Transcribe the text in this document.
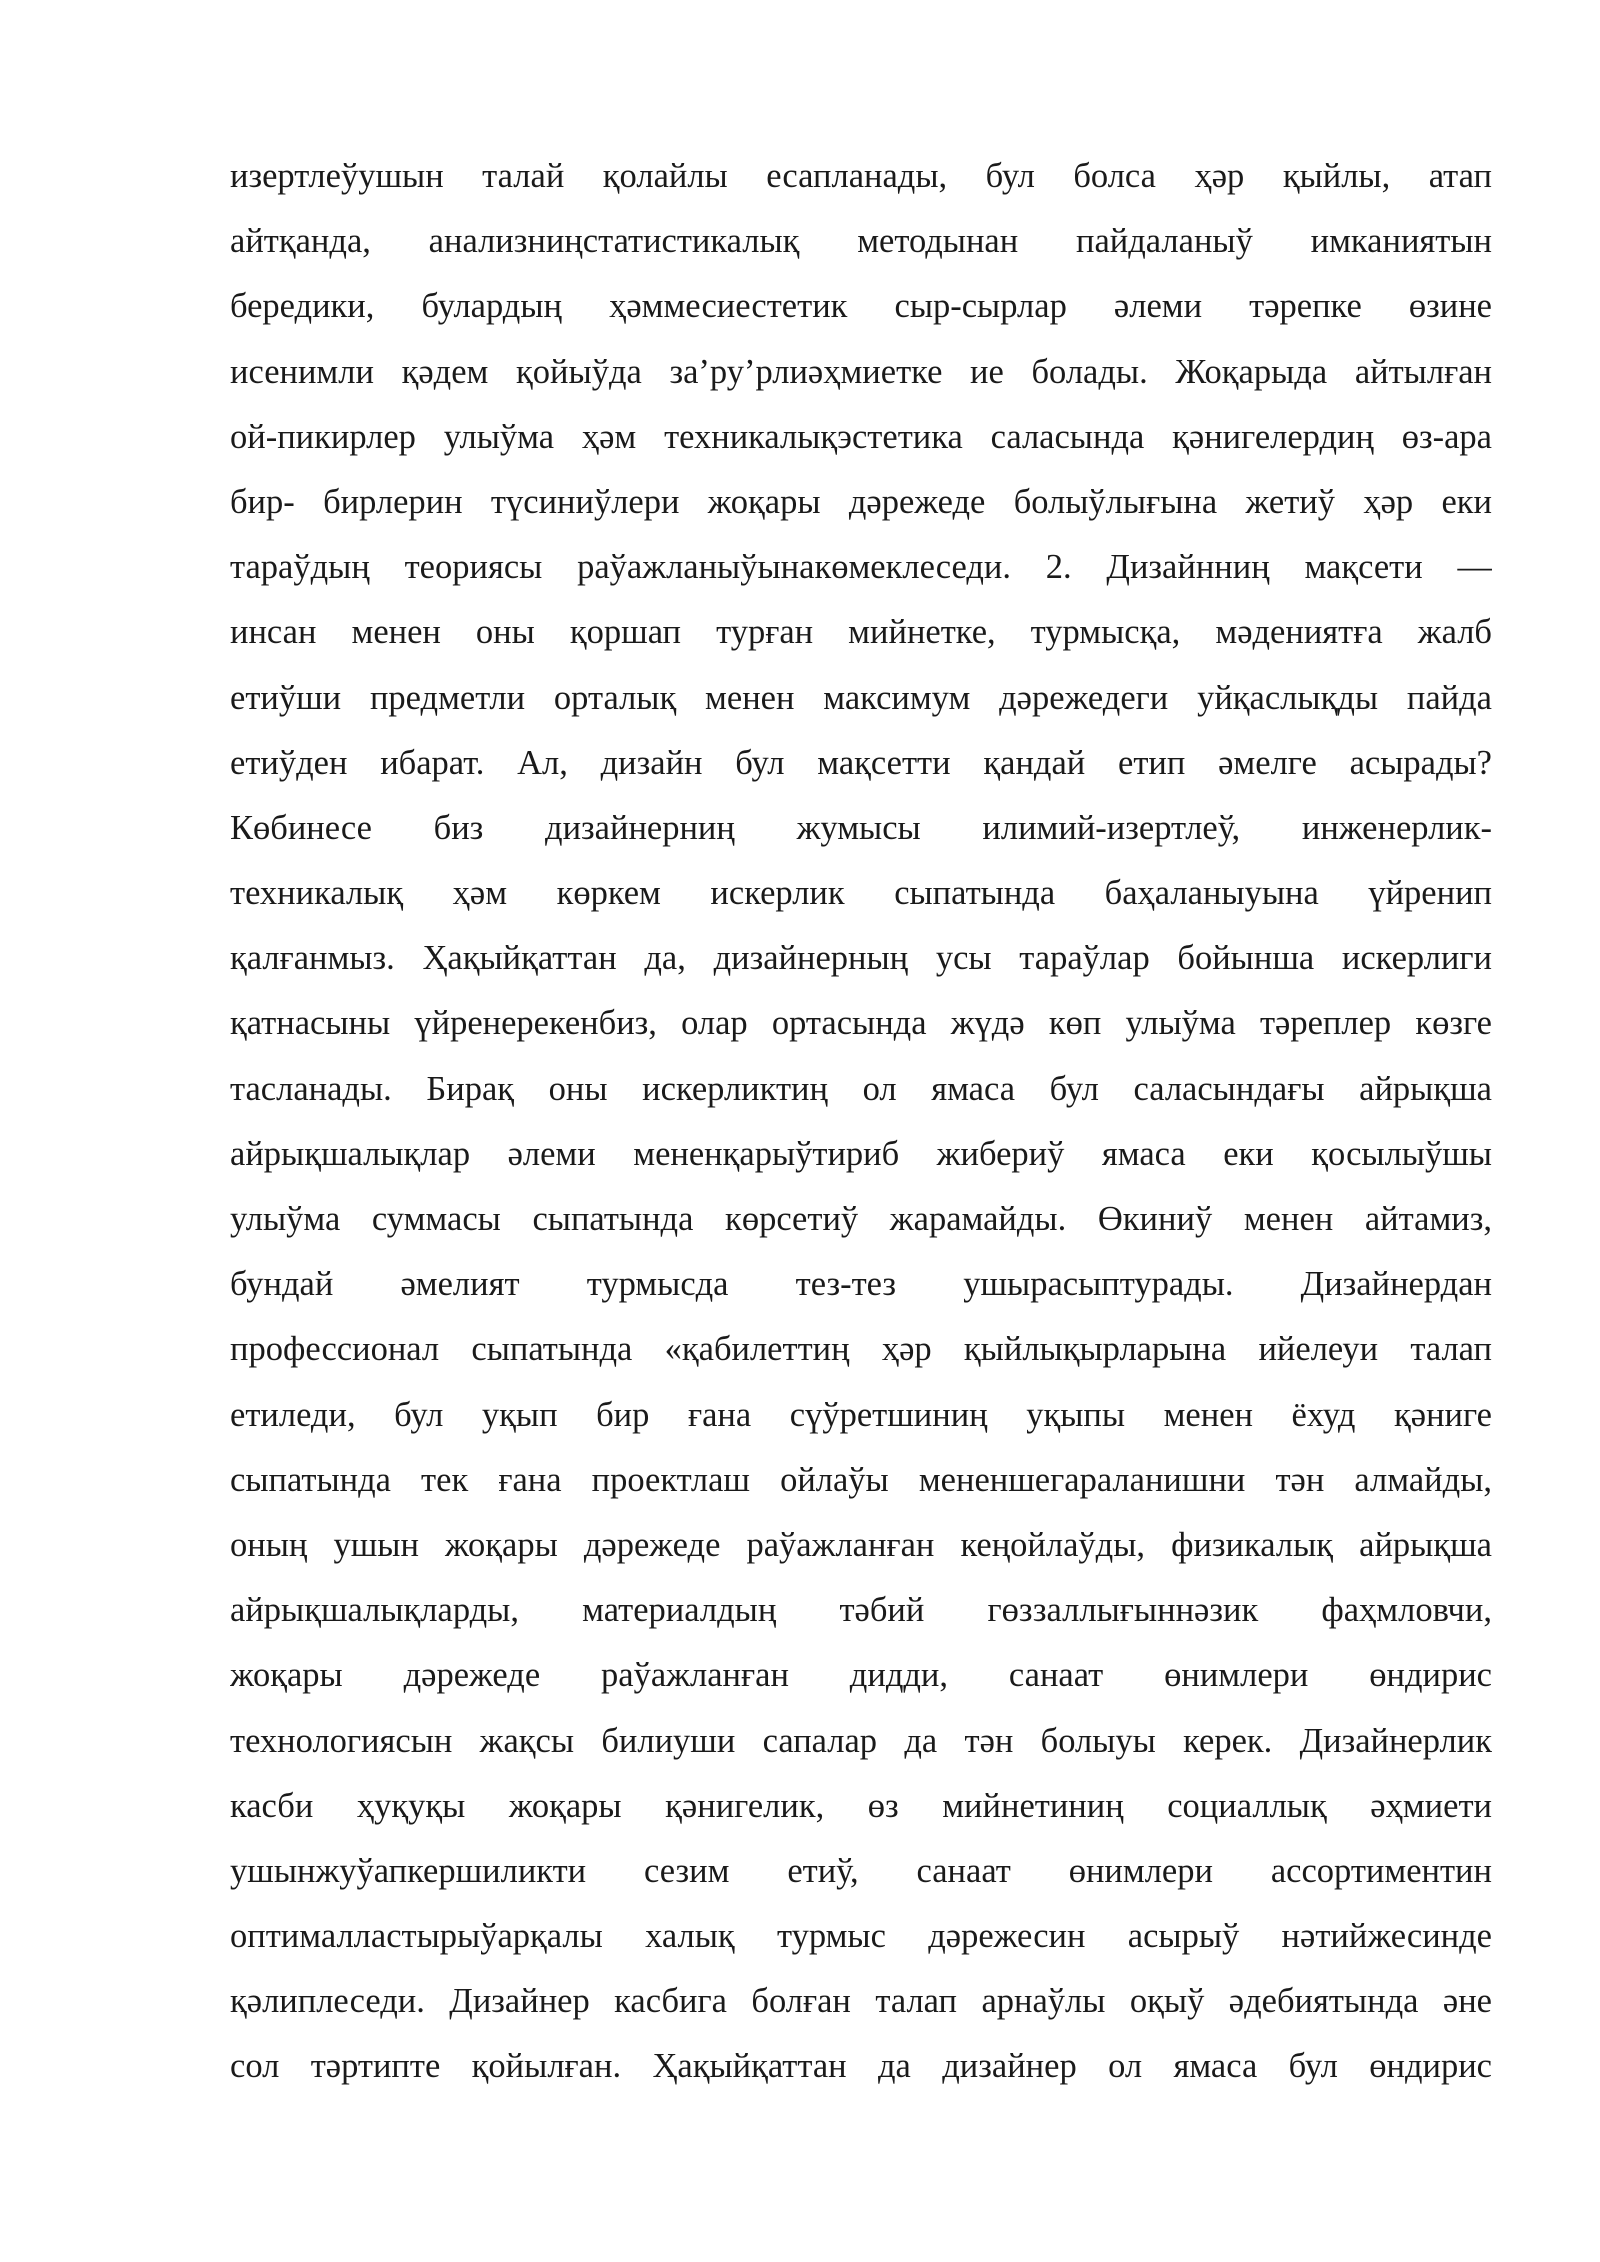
изертлеўушын талай қолайлы есапланады, бул болса ҳәр қыйлы, атап
айтқанда, анализниңстатистикалық методынан пайдаланыў имканиятын
бередики, булардың ҳәммесиестетик сыр-сырлар әлеми тәрепке өзине
исенимли қәдем қойыўда за’ру’рлиәҳмиетке ие болады. Жоқарыда айтылған
ой-пикирлер улыўма ҳәм техникалықэстетика саласында қәнигелердиң өз-ара
бир- бирлерин түсиниўлери жоқары дәрежеде болыўлығына жетиў ҳәр еки
тараўдың теориясы раўажланыўынакөмеклеседи. 2. Дизайнниң мақсети —
инсан менен оны қоршап турған мийнетке, турмысқа, мәдениятға жалб
етиўши предметли орталық менен максимум дәрежедеги уйқаслықды пайда
етиўден ибарат. Ал, дизайн бул мақсетти қандай етип әмелге асырады?
Көбинесе биз дизайнерниң жумысы илимий-изертлеў, инженерлик-
техникалық ҳәм көркем искерлик сыпатында баҳаланыуына үйренип
қалғанмыз. Ҳақыйқаттан да, дизайнерның усы тараўлар бойынша искерлиги
қатнасыны үйренерекенбиз, олар ортасында жүдә көп улыўма тәреплер көзге
тасланады. Бирақ оны искерликтиң ол ямаса бул саласындағы айрықша
айрықшалықлар әлеми мененқарыўтириб жибериў ямаса еки қосылыўшы
улыўма суммасы сыпатында көрсетиў жарамайды. Өкиниў менен айтамиз,
бундай әмелият турмысда тез-тез ушырасыптурады. Дизайнердан
профессионал сыпатында «қабилеттиң ҳәр қыйлықырларына ийелеуи талап
етиледи, бул уқып бир ғана сүўретшиниң уқыпы менен ёхуд қәниге
сыпатында тек ғана проектлаш ойлаўы мененшегараланишни тән алмайды,
оның ушын жоқары дәрежеде раўажланған кеңойлаўды, физикалық айрықша
айрықшалықларды, материалдың тәбий гөззаллығыннәзик фаҳмловчи,
жоқары дәрежеде раўажланған дидди, санаат өнимлери өндирис
технологиясын жақсы билиуши сапалар да тән болыуы керек. Дизайнерлик
касби ҳуқуқы жоқары қәнигелик, өз мийнетиниң социаллық әҳмиети
ушынжуўапкершиликти сезим етиў, санаат өнимлери ассортиментин
оптималластырыўарқалы халық турмыс дәрежесин асырыў нәтийжесинде
қәлиплеседи. Дизайнер касбига болған талап арнаўлы оқыў әдебиятында әне
сол тәртипте қойылған. Ҳақыйқаттан да дизайнер ол ямаса бул өндирис
